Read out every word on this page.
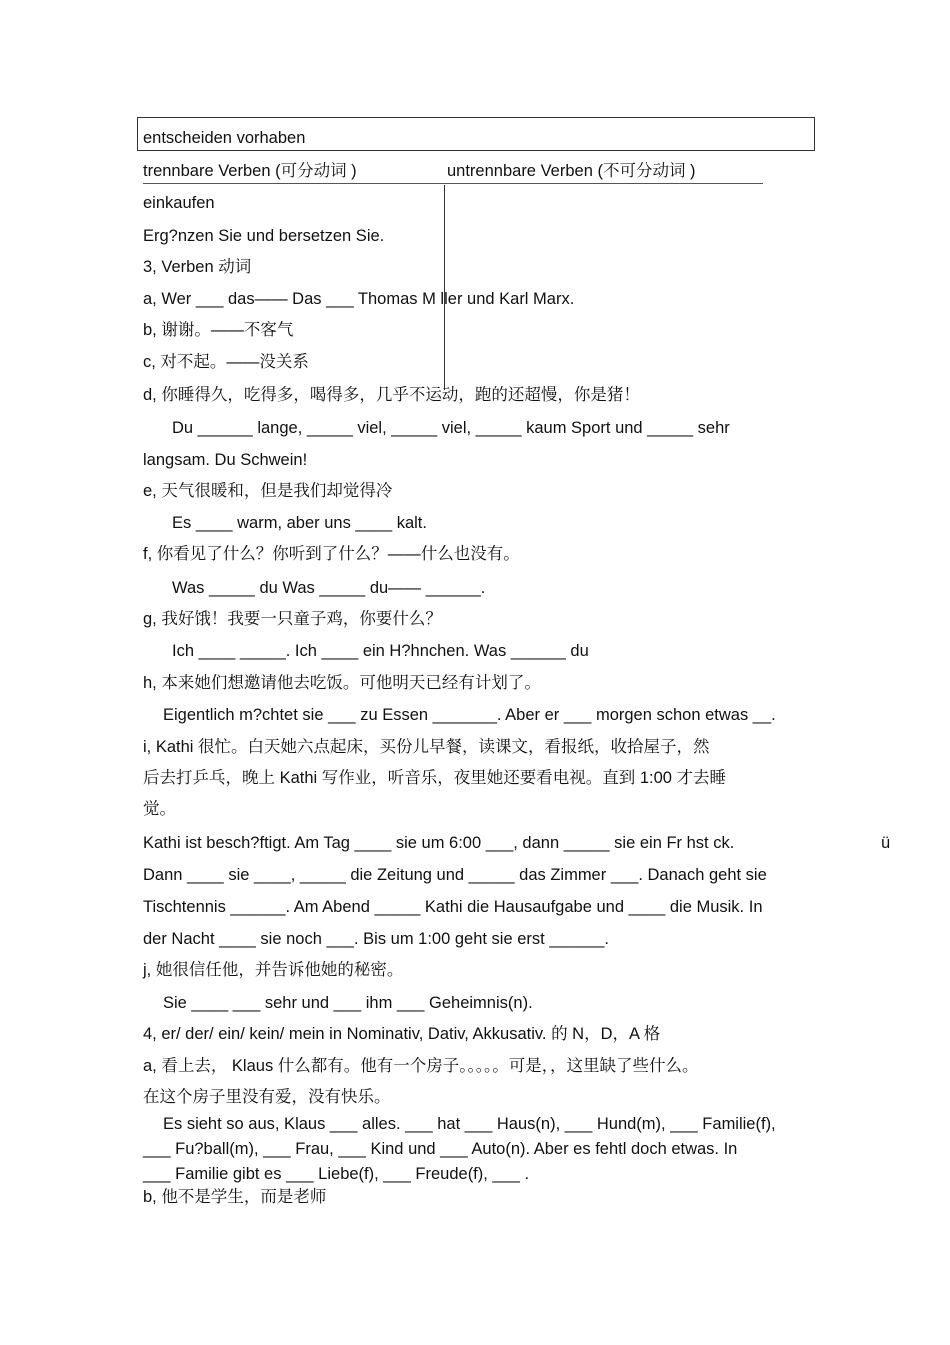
entscheiden vorhaben
trennbare Verben (可分动词 )	untrennbare Verben (不可分动词 )
einkaufen
Erg?nzen Sie und bersetzen Sie.
3, Verben 动词
a, Wer ___ das—— Das ___ Thomas M ller und Karl Marx.
b, 谢谢。——不客气
c, 对不起。——没关系
d, 你睡得久，吃得多，喝得多，几乎不运动，跑的还超慢，你是猪！
Du ______ lange, _____ viel, _____ viel, _____ kaum Sport und _____ sehr
langsam. Du Schwein!
e, 天气很暖和，但是我们却觉得冷
Es ____ warm, aber uns ____ kalt.
f, 你看见了什么？你听到了什么？——什么也没有。
Was _____ du Was _____ du—— ______.
g, 我好饿！我要一只童子鸡，你要什么？
Ich ____ _____. Ich ____ ein H?hnchen. Was ______ du
h, 本来她们想邀请他去吃饭。可他明天已经有计划了。
Eigentlich m?chtet sie ___ zu Essen _______. Aber er ___ morgen schon etwas __.
i, Kathi 很忙。白天她六点起床，买份儿早餐，读课文，看报纸，收拾屋子，然
后去打乒乓，晚上 Kathi 写作业，听音乐，夜里她还要看电视。直到 1:00 才去睡
觉。
Kathi ist besch?ftigt. Am Tag ____ sie um 6:00 ___, dann _____ sie ein Fr hst ck.	ü
Dann ____ sie ____, _____ die Zeitung und _____ das Zimmer ___. Danach geht sie
Tischtennis ______. Am Abend _____ Kathi die Hausaufgabe und ____ die Musik. In
der Nacht ____ sie noch ___. Bis um 1:00 geht sie erst ______.
j, 她很信任他，并告诉他她的秘密。
Sie ____ ___ sehr und ___ ihm ___ Geheimnis(n).
4, er/ der/ ein/ kein/ mein in Nominativ, Dativ, Akkusativ. 的 N，D，A 格
a, 看上去， Klaus 什么都有。他有一个房子。。。。。可是，，这里缺了些什么。
在这个房子里没有爱，没有快乐。
Es sieht so aus, Klaus ___ alles. ___ hat ___ Haus(n), ___ Hund(m), ___ Familie(f),
___ Fu?ball(m), ___ Frau, ___ Kind und ___ Auto(n). Aber es fehtl doch etwas. In
___ Familie gibt es ___ Liebe(f), ___ Freude(f), ___ .
b, 他不是学生，而是老师
